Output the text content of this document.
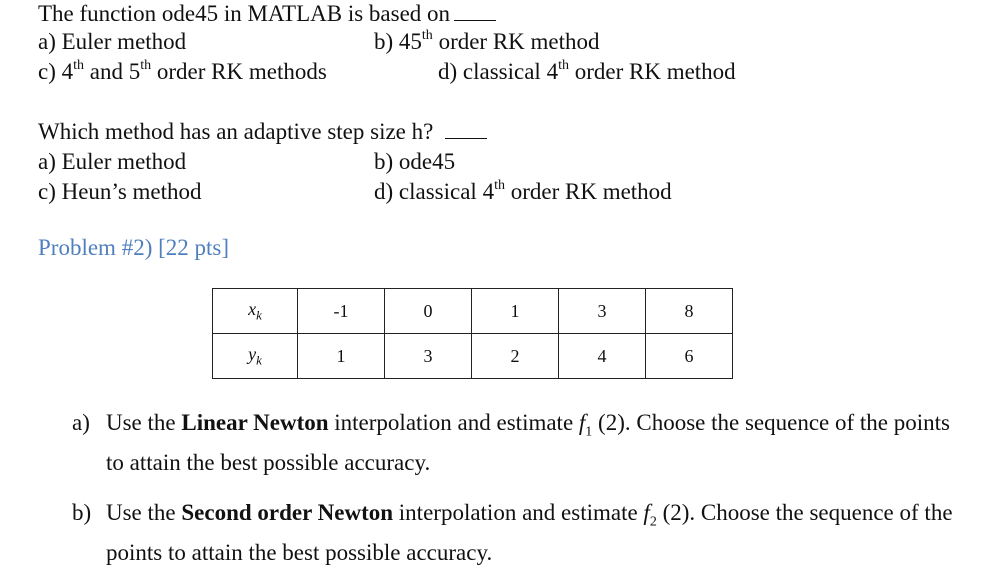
The function ode45 in MATLAB is based on
a) Euler method	b) 45th order RK method
c) 4th and 5th order RK methods	d) classical 4th order RK method
Which method has an adaptive step size h?
a) Euler method	b) ode45
c) Heun’s method	d) classical 4th order RK method
Problem #2) [22 pts]
$x_k$	-1	0	1	3	8
$y_k$	1	3	2	4	6
a) Use the Linear Newton interpolation and estimate $f_1$ (2). Choose the sequence of the points to attain the best possible accuracy.
b) Use the Second order Newton interpolation and estimate $f_2$ (2). Choose the sequence of the points to attain the best possible accuracy.
